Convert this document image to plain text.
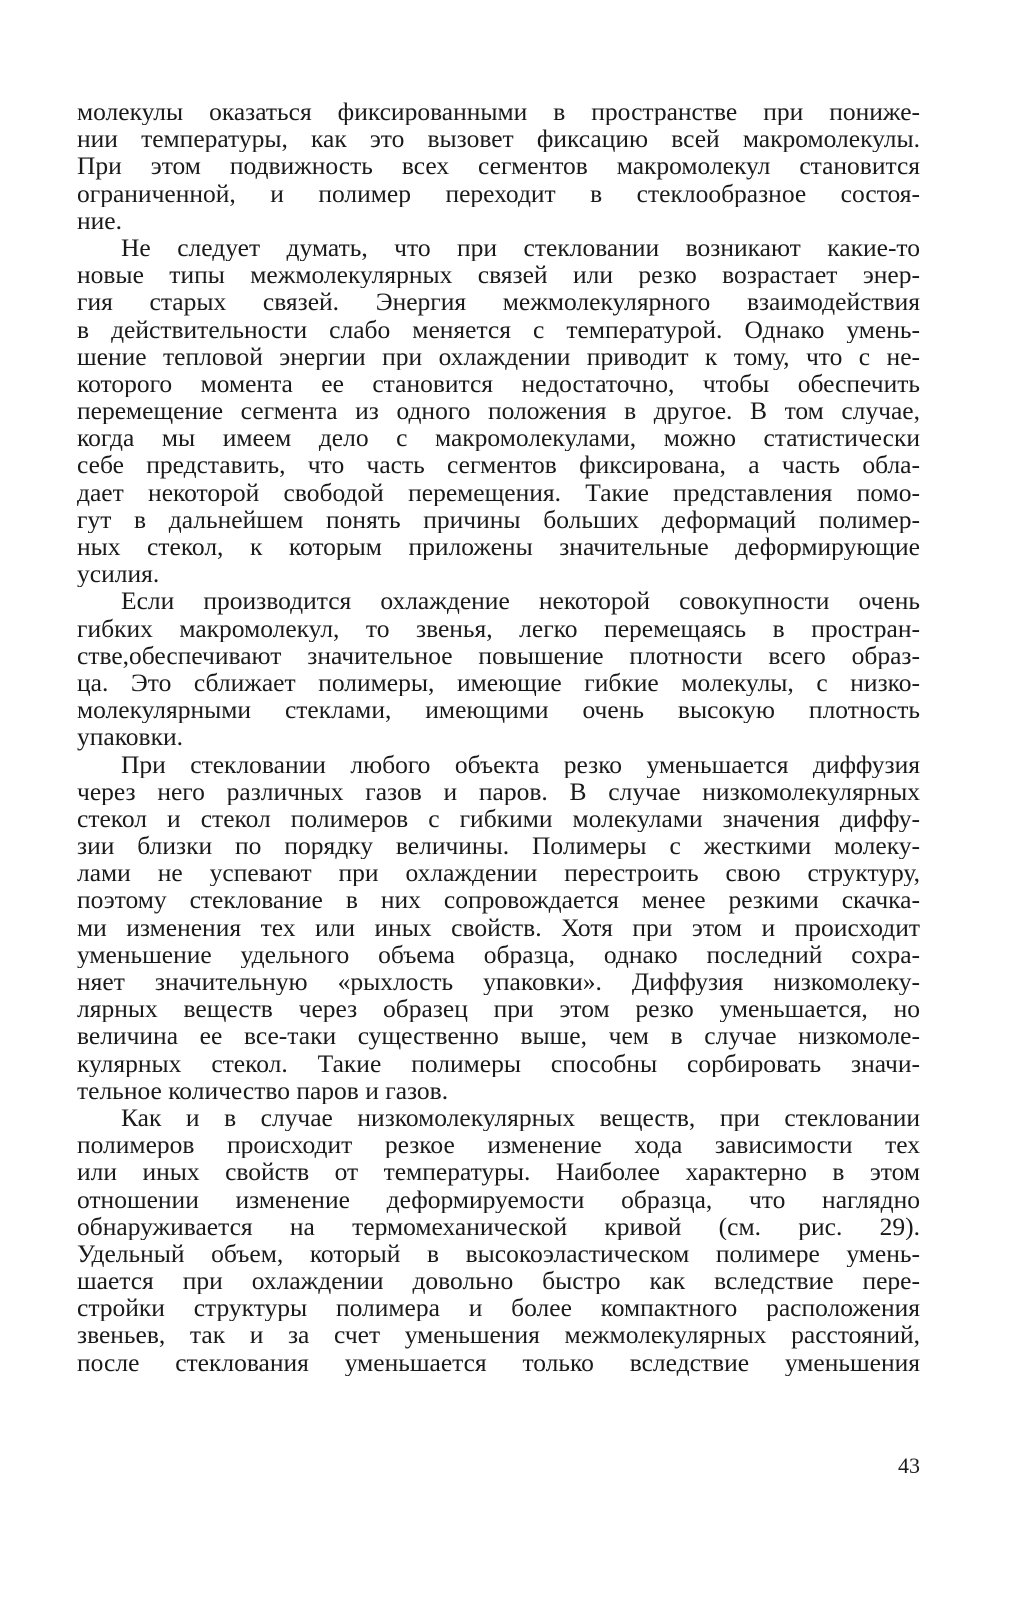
молекулы оказаться фиксированными в пространстве при пониже-
нии температуры, как это вызовет фиксацию всей макромолекулы.
При этом подвижность всех сегментов макромолекул становится
ограниченной, и полимер переходит в стеклообразное состоя-
ние.
Не следует думать, что при стекловании возникают какие-то
новые типы межмолекулярных связей или резко возрастает энер-
гия старых связей. Энергия межмолекулярного взаимодействия
в действительности слабо меняется с температурой. Однако умень-
шение тепловой энергии при охлаждении приводит к тому, что с не-
которого момента ее становится недостаточно, чтобы обеспечить
перемещение сегмента из одного положения в другое. В том случае,
когда мы имеем дело с макромолекулами, можно статистически
себе представить, что часть сегментов фиксирована, а часть обла-
дает некоторой свободой перемещения. Такие представления помо-
гут в дальнейшем понять причины больших деформаций полимер-
ных стекол, к которым приложены значительные деформирующие
усилия.
Если производится охлаждение некоторой совокупности очень
гибких макромолекул, то звенья, легко перемещаясь в простран-
стве,обеспечивают значительное повышение плотности всего образ-
ца. Это сближает полимеры, имеющие гибкие молекулы, с низко-
молекулярными стеклами, имеющими очень высокую плотность
упаковки.
При стекловании любого объекта резко уменьшается диффузия
через него различных газов и паров. В случае низкомолекулярных
стекол и стекол полимеров с гибкими молекулами значения диффу-
зии близки по порядку величины. Полимеры с жесткими молеку-
лами не успевают при охлаждении перестроить свою структуру,
поэтому стеклование в них сопровождается менее резкими скачка-
ми изменения тех или иных свойств. Хотя при этом и происходит
уменьшение удельного объема образца, однако последний сохра-
няет значительную «рыхлость упаковки». Диффузия низкомолеку-
лярных веществ через образец при этом резко уменьшается, но
величина ее все-таки существенно выше, чем в случае низкомоле-
кулярных стекол. Такие полимеры способны сорбировать значи-
тельное количество паров и газов.
Как и в случае низкомолекулярных веществ, при стекловании
полимеров происходит резкое изменение хода зависимости тех
или иных свойств от температуры. Наиболее характерно в этом
отношении изменение деформируемости образца, что наглядно
обнаруживается на термомеханической кривой (см. рис. 29).
Удельный объем, который в высокоэластическом полимере умень-
шается при охлаждении довольно быстро как вследствие пере-
стройки структуры полимера и более компактного расположения
звеньев, так и за счет уменьшения межмолекулярных расстояний,
после стеклования уменьшается только вследствие уменьшения
43
